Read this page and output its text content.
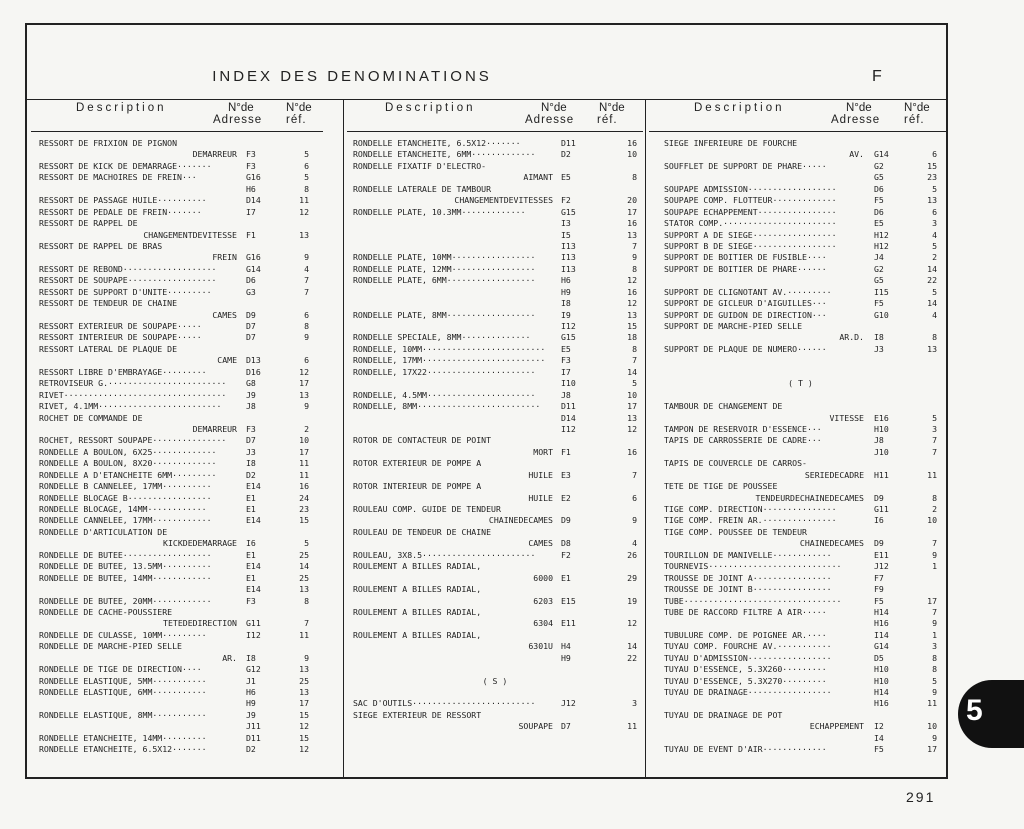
INDEX DES DENOMINATIONS	F
Description	N°de	N°de
Adresse réf.
Description	N°de	N°de
Adresse réf.
Description	N°de	N°de
Adresse réf.
RESSORT DE FRIXION DE PIGNON
DEMARREUR F3	5
RESSORT DE KICK DE DEMARRAGE·······	F3	6
RESSORT DE MACHOIRES DE FREIN···	G16	5
H6	8
RESSORT DE PASSAGE HUILE··········	D14	11
RESSORT DE PEDALE DE FREIN·······	I7	12
RESSORT DE RAPPEL DE
CHANGEMENTDEVITESSE F1	13
RESSORT DE RAPPEL DE BRAS
FREIN G16	9
RESSORT DE REBOND···················	G14	4
RESSORT DE SOUPAPE··················	D6	7
RESSORT DE SUPPORT D'UNITE·········	G3	7
RESSORT DE TENDEUR DE CHAINE
CAMES D9	6
RESSORT EXTERIEUR DE SOUPAPE·····	D7	8
RESSORT INTERIEUR DE SOUPAPE·····	D7	9
RESSORT LATERAL DE PLAQUE DE
CAME D13	6
RESSORT LIBRE D'EMBRAYAGE·········	D16	12
RETROVISEUR G.························	G8	17
RIVET·································	J9	13
RIVET, 4.1MM·························	J8	9
ROCHET DE COMMANDE DE
DEMARREUR F3	2
ROCHET, RESSORT SOUPAPE···············	D7	10
RONDELLE A BOULON, 6X25·············	J3	17
RONDELLE A BOULON, 8X20·············	I8	11
RONDELLE A D'ETANCHEITE 6MM·········	D2	11
RONDELLE B CANNELEE, 17MM··········	E14	16
RONDELLE BLOCAGE B·················	E1	24
RONDELLE BLOCAGE, 14MM············	E1	23
RONDELLE CANNELEE, 17MM············	E14	15
RONDELLE D'ARTICULATION DE
KICKDEDEMARRAGE I6	5
RONDELLE DE BUTEE··················	E1	25
RONDELLE DE BUTEE, 13.5MM··········	E14	14
RONDELLE DE BUTEE, 14MM············	E1	25
E14	13
RONDELLE DE BUTEE, 20MM············	F3	8
RONDELLE DE CACHE-POUSSIERE
TETEDEDIRECTION G11	7
RONDELLE DE CULASSE, 10MM·········	I12	11
RONDELLE DE MARCHE-PIED SELLE
AR. I8	9
RONDELLE DE TIGE DE DIRECTION····	G12	13
RONDELLE ELASTIQUE, 5MM···········	J1	25
RONDELLE ELASTIQUE, 6MM···········	H6	13
H9	17
RONDELLE ELASTIQUE, 8MM···········	J9	15
J11	12
RONDELLE ETANCHEITE, 14MM·········	D11	15
RONDELLE ETANCHEITE, 6.5X12·······	D2	12
RONDELLE ETANCHEITE, 6.5X12·······	D11	16
RONDELLE ETANCHEITE, 6MM·············	D2	10
RONDELLE FIXATIF D'ELECTRO-
AIMANT E5	8
RONDELLE LATERALE DE TAMBOUR
CHANGEMENTDEVITESSES F2	20
RONDELLE PLATE, 10.3MM·············	G15	17
I3	16
I5	13
I13	7
RONDELLE PLATE, 10MM·················	I13	9
RONDELLE PLATE, 12MM·················	I13	8
RONDELLE PLATE, 6MM··················	H6	12
H9	16
I8	12
RONDELLE PLATE, 8MM··················	I9	13
I12	15
RONDELLE SPECIALE, 8MM··············	G15	18
RONDELLE, 10MM·························	E5	8
RONDELLE, 17MM·························	F3	7
RONDELLE, 17X22······················	I7	14
I10	5
RONDELLE, 4.5MM······················	J8	10
RONDELLE, 8MM·························	D11	17
D14	13
I12	12
ROTOR DE CONTACTEUR DE POINT
MORT F1	16
ROTOR EXTERIEUR DE POMPE A
HUILE E3	7
ROTOR INTERIEUR DE POMPE A
HUILE E2	6
ROULEAU COMP. GUIDE DE TENDEUR
CHAINEDECAMES D9	9
ROULEAU DE TENDEUR DE CHAINE
CAMES D8	4
ROULEAU, 3X8.5·······················	F2	26
ROULEMENT A BILLES RADIAL,
6000 E1	29
ROULEMENT A BILLES RADIAL,
6203 E15	19
ROULEMENT A BILLES RADIAL,
6304 E11	12
ROULEMENT A BILLES RADIAL,
6301U H4	14
H9	22
( S )
SAC D'OUTILS·························	J12	3
SIEGE EXTERIEUR DE RESSORT
SOUPAPE D7	11
SIEGE INFERIEURE DE FOURCHE
AV. G14	6
SOUFFLET DE SUPPORT DE PHARE·····	G2	15
G5	23
SOUPAPE ADMISSION··················	D6	5
SOUPAPE COMP. FLOTTEUR·············	F5	13
SOUPAPE ECHAPPEMENT················	D6	6
STATOR COMP.·······················	E5	3
SUPPORT A DE SIEGE·················	H12	4
SUPPORT B DE SIEGE·················	H12	5
SUPPORT DE BOITIER DE FUSIBLE····	J4	2
SUPPORT DE BOITIER DE PHARE······	G2	14
G5	22
SUPPORT DE CLIGNOTANT AV.·········	I15	5
SUPPORT DE GICLEUR D'AIGUILLES···	F5	14
SUPPORT DE GUIDON DE DIRECTION···	G10	4
SUPPORT DE MARCHE-PIED SELLE
AR.D. I8	8
SUPPORT DE PLAQUE DE NUMERO······	J3	13
( T )
TAMBOUR DE CHANGEMENT DE
VITESSE E16	5
TAMPON DE RESERVOIR D'ESSENCE···	H10	3
TAPIS DE CARROSSERIE DE CADRE···	J8	7
J10	7
TAPIS DE COUVERCLE DE CARROS-
SERIEDECADRE H11	11
TETE DE TIGE DE POUSSEE
TENDEURDECHAINEDECAMES D9	8
TIGE COMP. DIRECTION···············	G11	2
TIGE COMP. FREIN AR.···············	I6	10
TIGE COMP. POUSSEE DE TENDEUR
CHAINEDECAMES D9	7
TOURILLON DE MANIVELLE············	E11	9
TOURNEVIS···························	J12	1
TROUSSE DE JOINT A················	F7
TROUSSE DE JOINT B················	F9
TUBE································	F5	17
TUBE DE RACCORD FILTRE A AIR·····	H14	7
H16	9
TUBULURE COMP. DE POIGNEE AR.····	I14	1
TUYAU COMP. FOURCHE AV.···········	G14	3
TUYAU D'ADMISSION·················	D5	8
TUYAU D'ESSENCE, 5.3X260·········	H10	8
TUYAU D'ESSENCE, 5.3X270·········	H10	5
TUYAU DE DRAINAGE·················	H14	9
H16	11
TUYAU DE DRAINAGE DE POT
ECHAPPEMENT I2	10
I4	9
TUYAU DE EVENT D'AIR·············	F5	17
5
291
